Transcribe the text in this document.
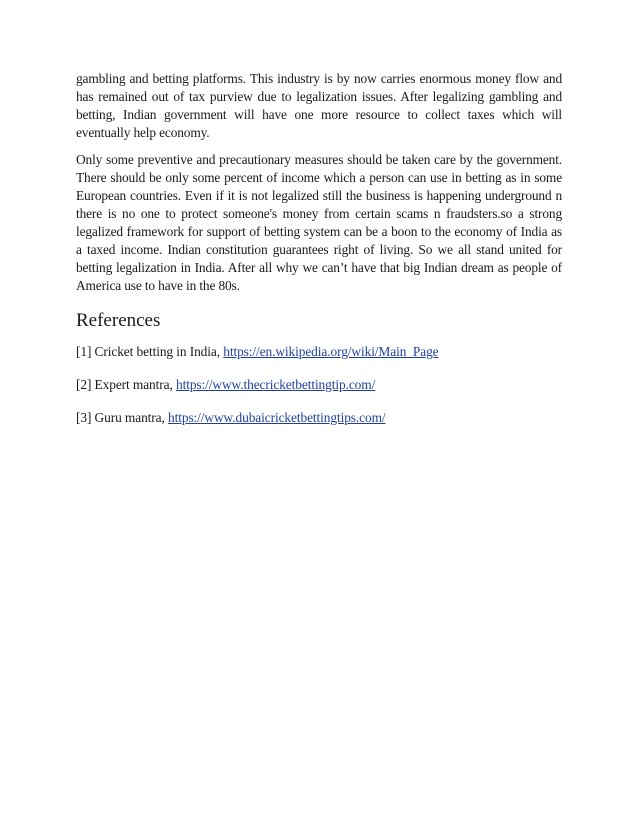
gambling and betting platforms. This industry is by now carries enormous money flow and has remained out of tax purview due to legalization issues. After legalizing gambling and betting, Indian government will have one more resource to collect taxes which will eventually help economy.

Only some preventive and precautionary measures should be taken care by the government. There should be only some percent of income which a person can use in betting as in some European countries. Even if it is not legalized still the business is happening underground n there is no one to protect someone's money from certain scams n fraudsters.so a strong legalized framework for support of betting system can be a boon to the economy of India as a taxed income. Indian constitution guarantees right of living. So we all stand united for betting legalization in India. After all why we can’t have that big Indian dream as people of America use to have in the 80s.

References

[1] Cricket betting in India, https://en.wikipedia.org/wiki/Main_Page

[2] Expert mantra, https://www.thecricketbettingtip.com/

[3] Guru mantra, https://www.dubaicricketbettingtips.com/
